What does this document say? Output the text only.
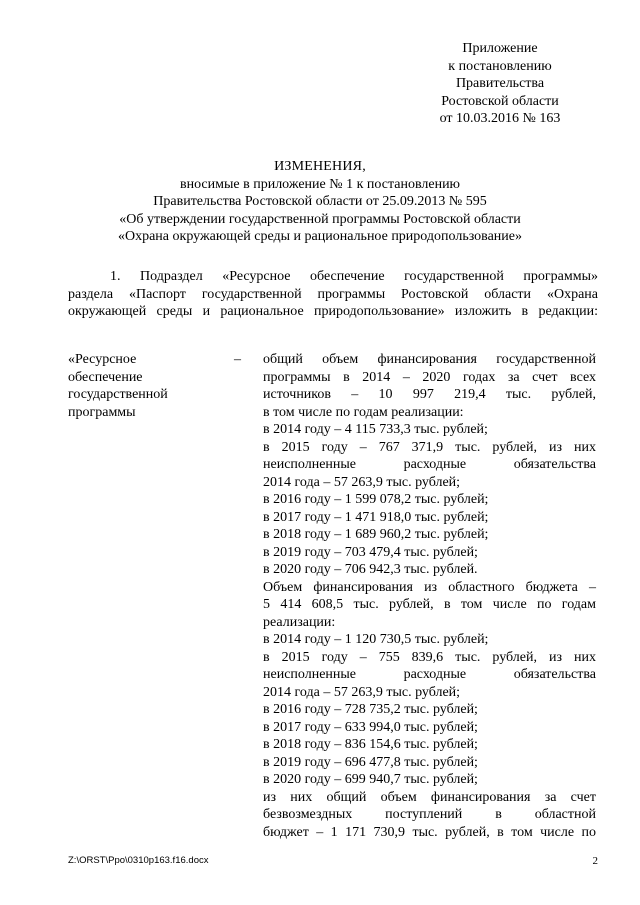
Приложение
к постановлению
Правительства
Ростовской области
от 10.03.2016 № 163
ИЗМЕНЕНИЯ,
вносимые в приложение № 1 к постановлению
Правительства Ростовской области от 25.09.2013 № 595
«Об утверждении государственной программы Ростовской области
«Охрана окружающей среды и рациональное природопользование»
1. Подраздел «Ресурсное обеспечение государственной программы»
раздела «Паспорт государственной программы Ростовской области «Охрана
окружающей среды и рациональное природопользование» изложить в редакции:
«Ресурсное
обеспечение
государственной
программы
– общий объем финансирования государственной
программы в 2014 – 2020 годах за счет всех
источников – 10 997 219,4 тыс. рублей,
в том числе по годам реализации:
в 2014 году – 4 115 733,3 тыс. рублей;
в 2015 году – 767 371,9 тыс. рублей, из них
неисполненные расходные обязательства
2014 года – 57 263,9 тыс. рублей;
в 2016 году – 1 599 078,2 тыс. рублей;
в 2017 году – 1 471 918,0 тыс. рублей;
в 2018 году – 1 689 960,2 тыс. рублей;
в 2019 году – 703 479,4 тыс. рублей;
в 2020 году – 706 942,3 тыс. рублей.
Объем финансирования из областного бюджета –
5 414 608,5 тыс. рублей, в том числе по годам
реализации:
в 2014 году – 1 120 730,5 тыс. рублей;
в 2015 году – 755 839,6 тыс. рублей, из них
неисполненные расходные обязательства
2014 года – 57 263,9 тыс. рублей;
в 2016 году – 728 735,2 тыс. рублей;
в 2017 году – 633 994,0 тыс. рублей;
в 2018 году – 836 154,6 тыс. рублей;
в 2019 году – 696 477,8 тыс. рублей;
в 2020 году – 699 940,7 тыс. рублей;
из них общий объем финансирования за счет
безвозмездных поступлений в областной
бюджет – 1 171 730,9 тыс. рублей, в том числе по
Z:\ORST\Ppo\0310p163.f16.docx	2
